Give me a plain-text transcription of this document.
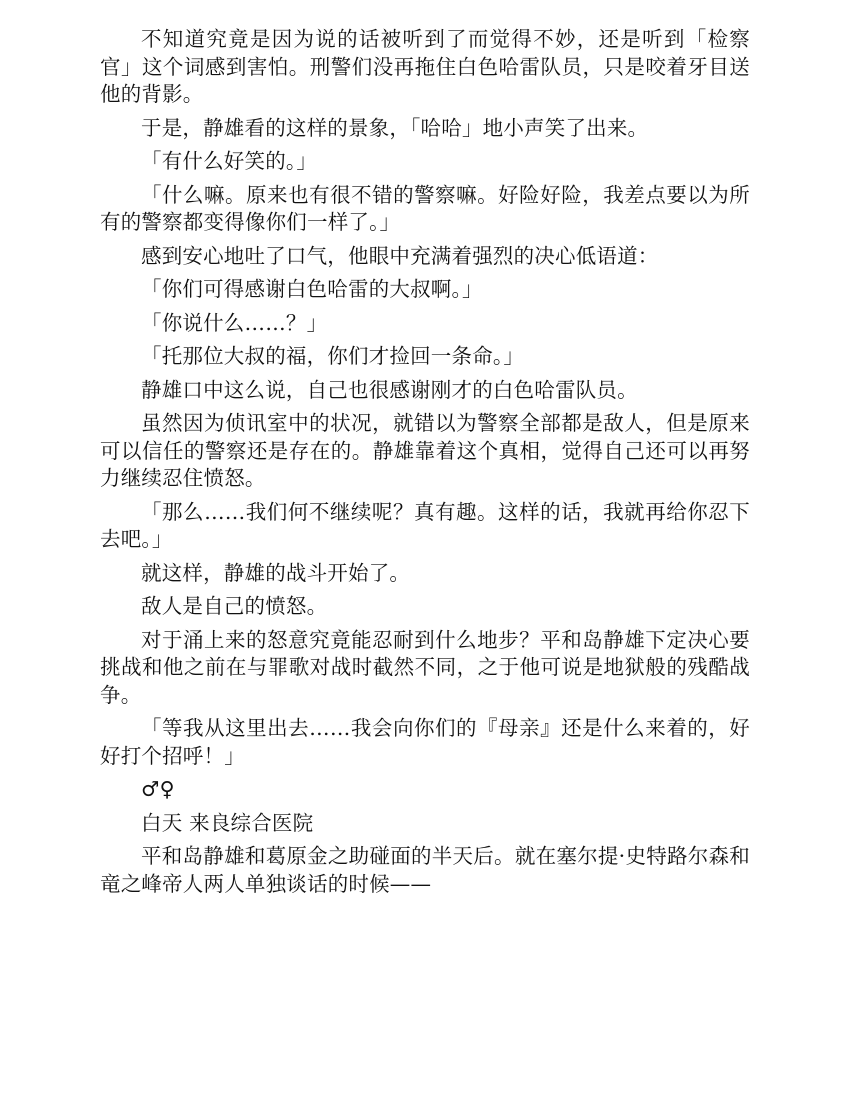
不知道究竟是因为说的话被听到了而觉得不妙，还是听到「检察官」这个词感到害怕。刑警们没再拖住白色哈雷队员，只是咬着牙目送他的背影。

于是，静雄看的这样的景象，「哈哈」地小声笑了出来。

「有什么好笑的。」

「什么嘛。原来也有很不错的警察嘛。好险好险，我差点要以为所有的警察都变得像你们一样了。」

感到安心地吐了口气，他眼中充满着强烈的决心低语道：

「你们可得感谢白色哈雷的大叔啊。」

「你说什么……？」

「托那位大叔的福，你们才捡回一条命。」

静雄口中这么说，自己也很感谢刚才的白色哈雷队员。

虽然因为侦讯室中的状况，就错以为警察全部都是敌人，但是原来可以信任的警察还是存在的。静雄靠着这个真相，觉得自己还可以再努力继续忍住愤怒。

「那么……我们何不继续呢？真有趣。这样的话，我就再给你忍下去吧。」

就这样，静雄的战斗开始了。

敌人是自己的愤怒。

对于涌上来的怒意究竟能忍耐到什么地步？平和岛静雄下定决心要挑战和他之前在与罪歌对战时截然不同，之于他可说是地狱般的残酷战争。

「等我从这里出去……我会向你们的『母亲』还是什么来着的，好好打个招呼！」

♂♀

白天 来良综合医院

平和岛静雄和葛原金之助碰面的半天后。就在塞尔提·史特路尔森和竜之峰帝人两人单独谈话的时候——
